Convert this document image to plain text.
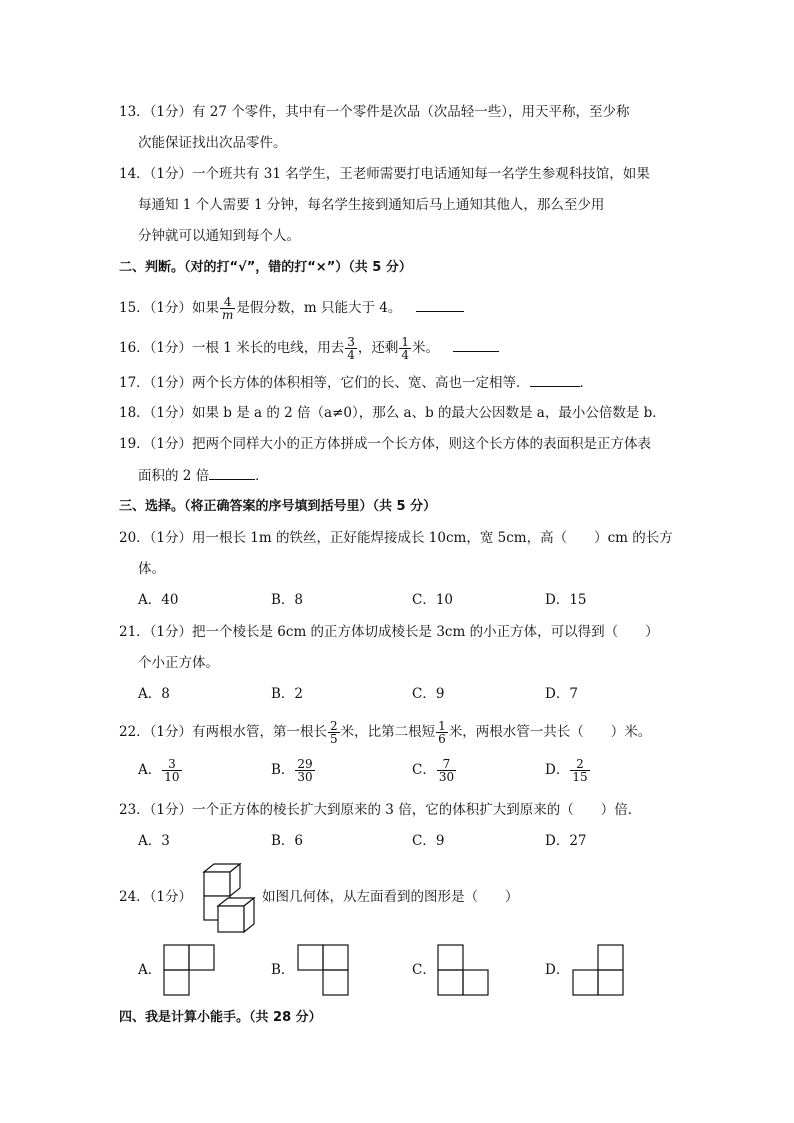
13．（1分）有 27 个零件，其中有一个零件是次品（次品轻一些），用天平称，至少称
次能保证找出次品零件。
14．（1分）一个班共有 31 名学生，王老师需要打电话通知每一名学生参观科技馆，如果
每通知 1 个人需要 1 分钟，每名学生接到通知后马上通知其他人，那么至少用
分钟就可以通知到每个人。
二、判断。（对的打“√”，错的打“×”）（共 5 分）
15．（1分）如果 $\frac{4}{m}$ 是假分数，m 只能大于 4。
16．（1分）一根 1 米长的电线，用去 $\frac{3}{4}$ ，还剩 $\frac{1}{4}$ 米。
17．（1分）两个长方体的体积相等，它们的长、宽、高也一定相等．	．
18．（1分）如果 b 是 a 的 2 倍（a≠0），那么 a、b 的最大公因数是 a，最小公倍数是 b．
19．（1分）把两个同样大小的正方体拼成一个长方体，则这个长方体的表面积是正方体表
面积的 2 倍	．
三、选择。（将正确答案的序号填到括号里）（共 5 分）
20．（1分）用一根长 1m 的铁丝，正好能焊接成长 10cm，宽 5cm，高（　　）cm 的长方
体。
A．40	B．8	C．10	D．15
21．（1分）把一个棱长是 6cm 的正方体切成棱长是 3cm 的小正方体，可以得到（　　）
个小正方体。
A．8	B．2	C．9	D．7
22．（1分）有两根水管，第一根长 $\frac{2}{5}$ 米，比第二根短 $\frac{1}{6}$ 米，两根水管一共长（　　）米。
A． $\frac{3}{10}$	B． $\frac{29}{30}$	C． $\frac{7}{30}$	D． $\frac{2}{15}$
23．（1分）一个正方体的棱长扩大到原来的 3 倍，它的体积扩大到原来的（　　）倍．
A．3	B．6	C．9	D．27
24．（1分）	如图几何体，从左面看到的图形是（　　）
A．	B．	C．	D．
四、我是计算小能手。（共 28 分）
